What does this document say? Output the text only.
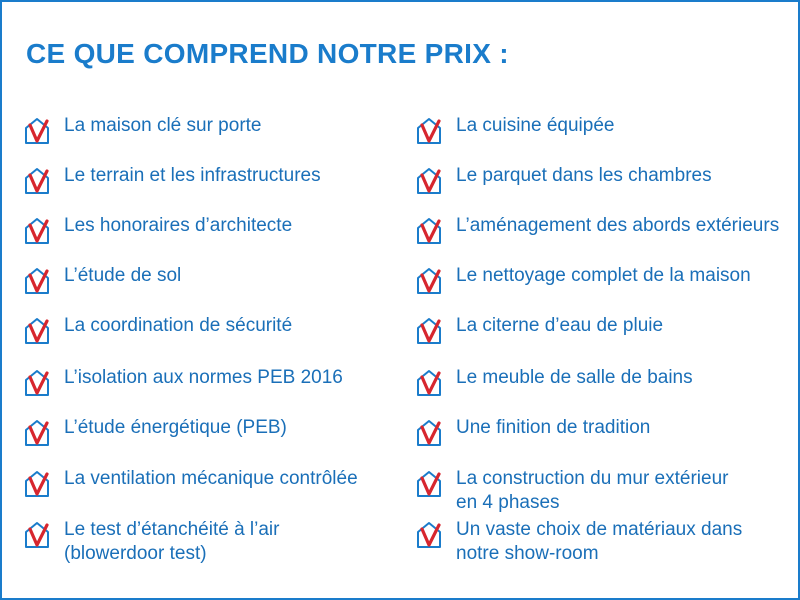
CE QUE COMPREND NOTRE PRIX :
La maison clé sur porte
Le terrain et les infrastructures
Les honoraires d’architecte
L’étude de sol
La coordination de sécurité
L’isolation aux normes PEB 2016
L’étude énergétique (PEB)
La ventilation mécanique contrôlée
Le test d’étanchéité à l’air
(blowerdoor test)
La cuisine équipée
Le parquet dans les chambres
L’aménagement des abords extérieurs
Le nettoyage complet de la maison
La citerne d’eau de pluie
Le meuble de salle de bains
Une finition de tradition
La construction du mur extérieur
en 4 phases
Un vaste choix de matériaux dans
notre show-room
